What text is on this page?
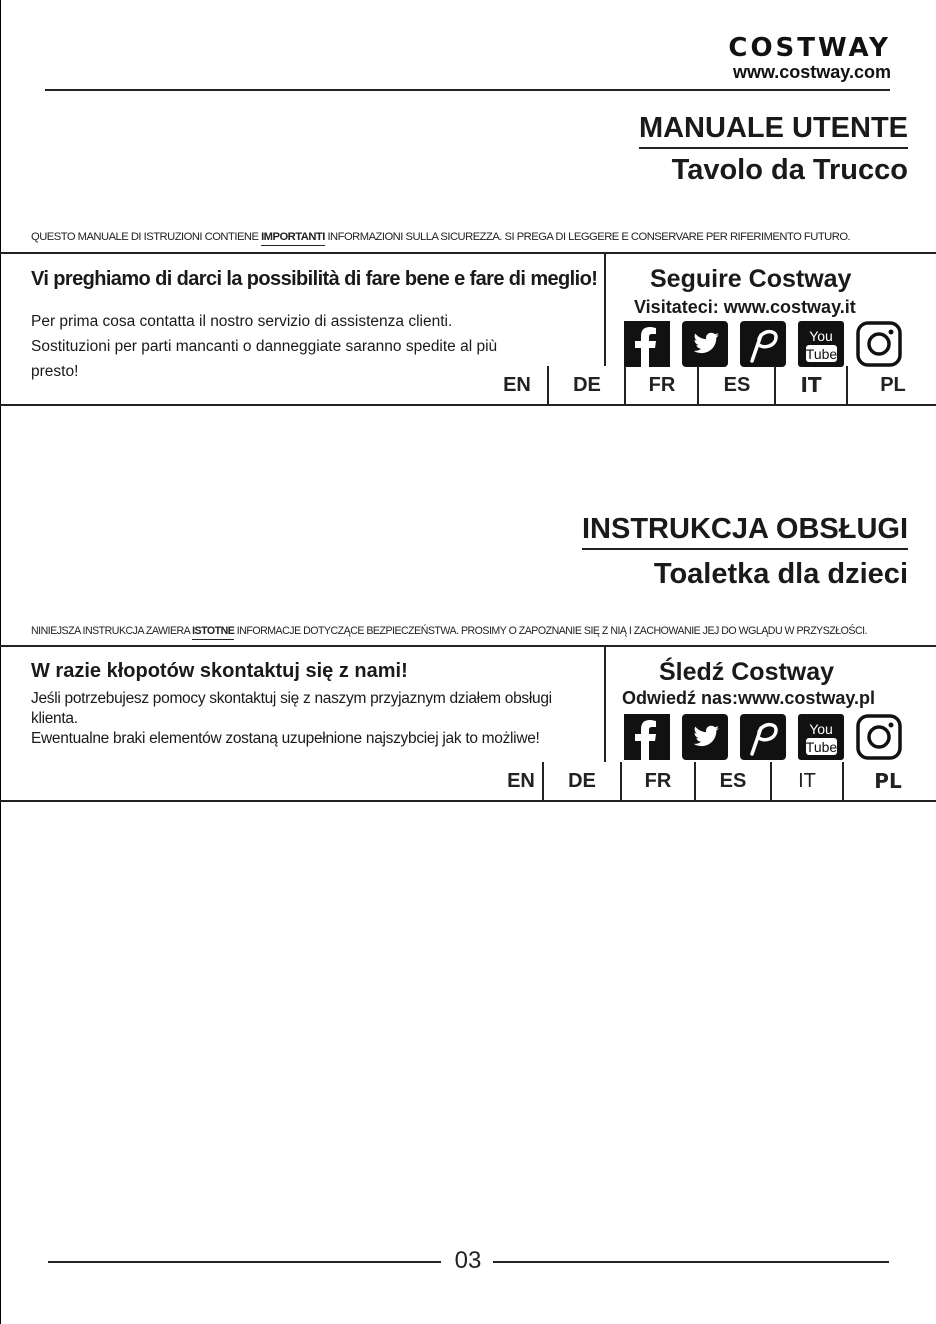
COSTWAY
www.costway.com
MANUALE UTENTE
Tavolo da Trucco
QUESTO MANUALE DI ISTRUZIONI CONTIENE IMPORTANTI INFORMAZIONI SULLA SICUREZZA. SI PREGA DI LEGGERE E CONSERVARE PER RIFERIMENTO FUTURO.
Vi preghiamo di darci la possibilità di fare bene e fare di meglio!
Per prima cosa contatta il nostro servizio di assistenza clienti.
Sostituzioni per parti mancanti o danneggiate saranno spedite al più
presto!
Seguire Costway
Visitateci: www.costway.it
You
Tube
EN	DE	FR	ES	IT	PL
INSTRUKCJA OBSŁUGI
Toaletka dla dzieci
NINIEJSZA INSTRUKCJA ZAWIERA ISTOTNE INFORMACJE DOTYCZĄCE BEZPIECZEŃSTWA. PROSIMY O ZAPOZNANIE SIĘ Z NIĄ I ZACHOWANIE JEJ DO WGLĄDU W PRZYSZŁOŚCI.
W razie kłopotów skontaktuj się z nami!
Jeśli potrzebujesz pomocy skontaktuj się z naszym przyjaznym działem obsługi
klienta.
Ewentualne braki elementów zostaną uzupełnione najszybciej jak to możliwe!
Śledź Costway
Odwiedź nas:www.costway.pl
You
Tube
EN	DE	FR	ES	IT	PL
03
